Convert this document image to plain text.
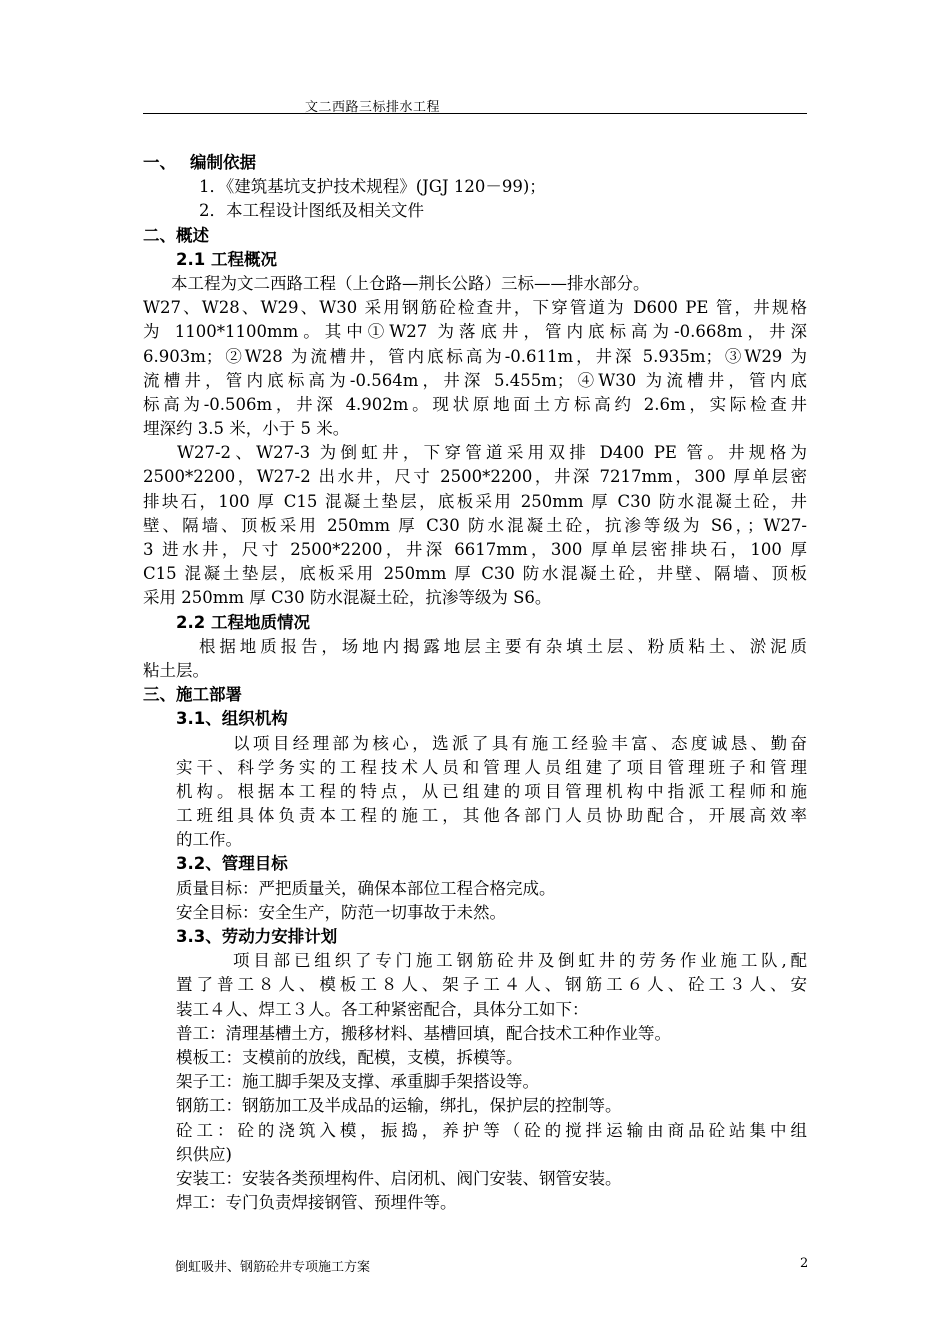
文二西路三标排水工程
一、　 编制依据
1．《建筑基坑支护技术规程》(JGJ 120－99)；
2．本工程设计图纸及相关文件
二、概述
2.1 工程概况
本工程为文二西路工程（上仓路—荆长公路）三标——排水部分。
W27、W28、W29、W30 采用钢筋砼检查井，下穿管道为 D600 PE 管，井规格
为 1100*1100mm。其中①W27 为落底井，管内底标高为-0.668m，井深
6.903m；②W28 为流槽井，管内底标高为-0.611m，井深 5.935m；③W29 为
流槽井，管内底标高为-0.564m，井深 5.455m；④W30 为流槽井，管内底
标高为-0.506m，井深 4.902m。现状原地面土方标高约 2.6m，实际检查井
埋深约 3.5 米，小于 5 米。
W27-2、W27-3 为倒虹井，下穿管道采用双排 D400 PE 管。井规格为
2500*2200，W27-2 出水井，尺寸 2500*2200，井深 7217mm，300 厚单层密
排块石，100 厚 C15 混凝土垫层，底板采用 250mm 厚 C30 防水混凝土砼，井
壁、隔墙、顶板采用 250mm 厚 C30 防水混凝土砼，抗渗等级为 S6，；W27-
3 进水井，尺寸 2500*2200，井深 6617mm，300 厚单层密排块石，100 厚
C15 混凝土垫层，底板采用 250mm 厚 C30 防水混凝土砼，井壁、隔墙、顶板
采用 250mm 厚 C30 防水混凝土砼，抗渗等级为 S6。
2.2 工程地质情况
根据地质报告，场地内揭露地层主要有杂填土层、粉质粘土、淤泥质
粘土层。
三、施工部署
3.1、组织机构
以项目经理部为核心，选派了具有施工经验丰富、态度诚恳、勤奋
实干、科学务实的工程技术人员和管理人员组建了项目管理班子和管理
机构。根据本工程的特点，从已组建的项目管理机构中指派工程师和施
工班组具体负责本工程的施工，其他各部门人员协助配合，开展高效率
的工作。
3.2、管理目标
质量目标：严把质量关，确保本部位工程合格完成。
安全目标：安全生产，防范一切事故于未然。
3.3、劳动力安排计划
项目部已组织了专门施工钢筋砼井及倒虹井的劳务作业施工队,配
置了普工８人、模板工８人、架子工４人、钢筋工６人、砼工３人、安
装工４人、焊工３人。各工种紧密配合，具体分工如下：
普工：清理基槽土方，搬移材料、基槽回填，配合技术工种作业等。
模板工：支模前的放线，配模，支模，拆模等。
架子工：施工脚手架及支撑、承重脚手架搭设等。
钢筋工：钢筋加工及半成品的运输，绑扎，保护层的控制等。
砼工：砼的浇筑入模，振捣，养护等（砼的搅拌运输由商品砼站集中组
织供应)
安装工：安装各类预埋构件、启闭机、阀门安装、钢管安装。
焊工：专门负责焊接钢管、预埋件等。
倒虹吸井、钢筋砼井专项施工方案	2
